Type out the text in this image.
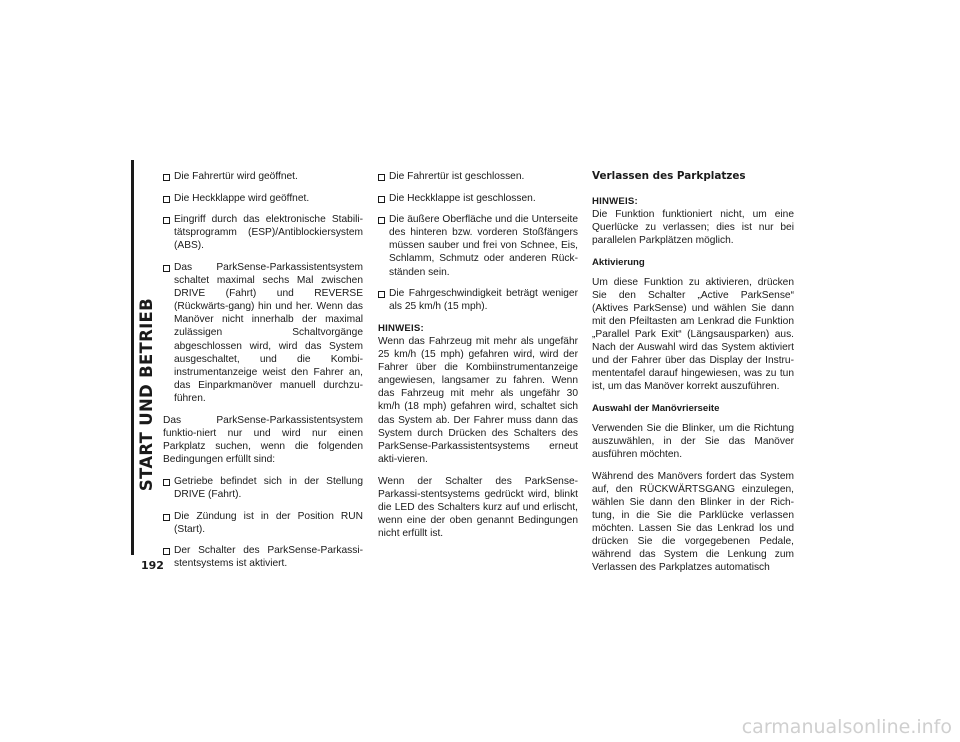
START UND BETRIEB
192
Die Fahrertür wird geöffnet.
Die Heckklappe wird geöffnet.
Eingriff durch das elektronische Stabili-tätsprogramm (ESP)/Antiblockiersystem (ABS).
Das ParkSense-Parkassistentsystem schaltet maximal sechs Mal zwischen DRIVE (Fahrt) und REVERSE (Rückwärts-gang) hin und her. Wenn das Manöver nicht innerhalb der maximal zulässigen Schaltvorgänge abgeschlossen wird, wird das System ausgeschaltet, und die Kombi-instrumentanzeige weist den Fahrer an, das Einparkmanöver manuell durchzu-führen.

Das ParkSense-Parkassistentsystem funktio-niert nur und wird nur einen Parkplatz suchen, wenn die folgenden Bedingungen erfüllt sind:

Getriebe befindet sich in der Stellung DRIVE (Fahrt).
Die Zündung ist in der Position RUN (Start).
Der Schalter des ParkSense-Parkassi-stentsystems ist aktiviert.
Die Fahrertür ist geschlossen.
Die Heckklappe ist geschlossen.
Die äußere Oberfläche und die Unterseite des hinteren bzw. vorderen Stoßfängers müssen sauber und frei von Schnee, Eis, Schlamm, Schmutz oder anderen Rück-ständen sein.
Die Fahrgeschwindigkeit beträgt weniger als 25 km/h (15 mph).
HINWEIS:
Wenn das Fahrzeug mit mehr als ungefähr 25 km/h (15 mph) gefahren wird, wird der Fahrer über die Kombiinstrumentanzeige angewiesen, langsamer zu fahren. Wenn das Fahrzeug mit mehr als ungefähr 30 km/h (18 mph) gefahren wird, schaltet sich das System ab. Der Fahrer muss dann das System durch Drücken des Schalters des ParkSense-Parkassistentsystems erneut akti-vieren.

Wenn der Schalter des ParkSense-Parkassi-stentsystems gedrückt wird, blinkt die LED des Schalters kurz auf und erlischt, wenn eine der oben genannt Bedingungen nicht erfüllt ist.

Verlassen des Parkplatzes
HINWEIS:
Die Funktion funktioniert nicht, um eine Querlücke zu verlassen; dies ist nur bei parallelen Parkplätzen möglich.
Aktivierung

Um diese Funktion zu aktivieren, drücken Sie den Schalter „Active ParkSense“ (Aktives ParkSense) und wählen Sie dann mit den Pfeiltasten am Lenkrad die Funktion „Parallel Park Exit“ (Längsausparken) aus. Nach der Auswahl wird das System aktiviert und der Fahrer über das Display der Instru-mententafel darauf hingewiesen, was zu tun ist, um das Manöver korrekt auszuführen.

Auswahl der Manövrierseite

Verwenden Sie die Blinker, um die Richtung auszuwählen, in der Sie das Manöver ausführen möchten.

Während des Manövers fordert das System auf, den RÜCKWÄRTSGANG einzulegen, wählen Sie dann den Blinker in der Rich-tung, in die Sie die Parklücke verlassen möchten. Lassen Sie das Lenkrad los und drücken Sie die vorgegebenen Pedale, während das System die Lenkung zum Verlassen des Parkplatzes automatisch

carmanualsonline.info
